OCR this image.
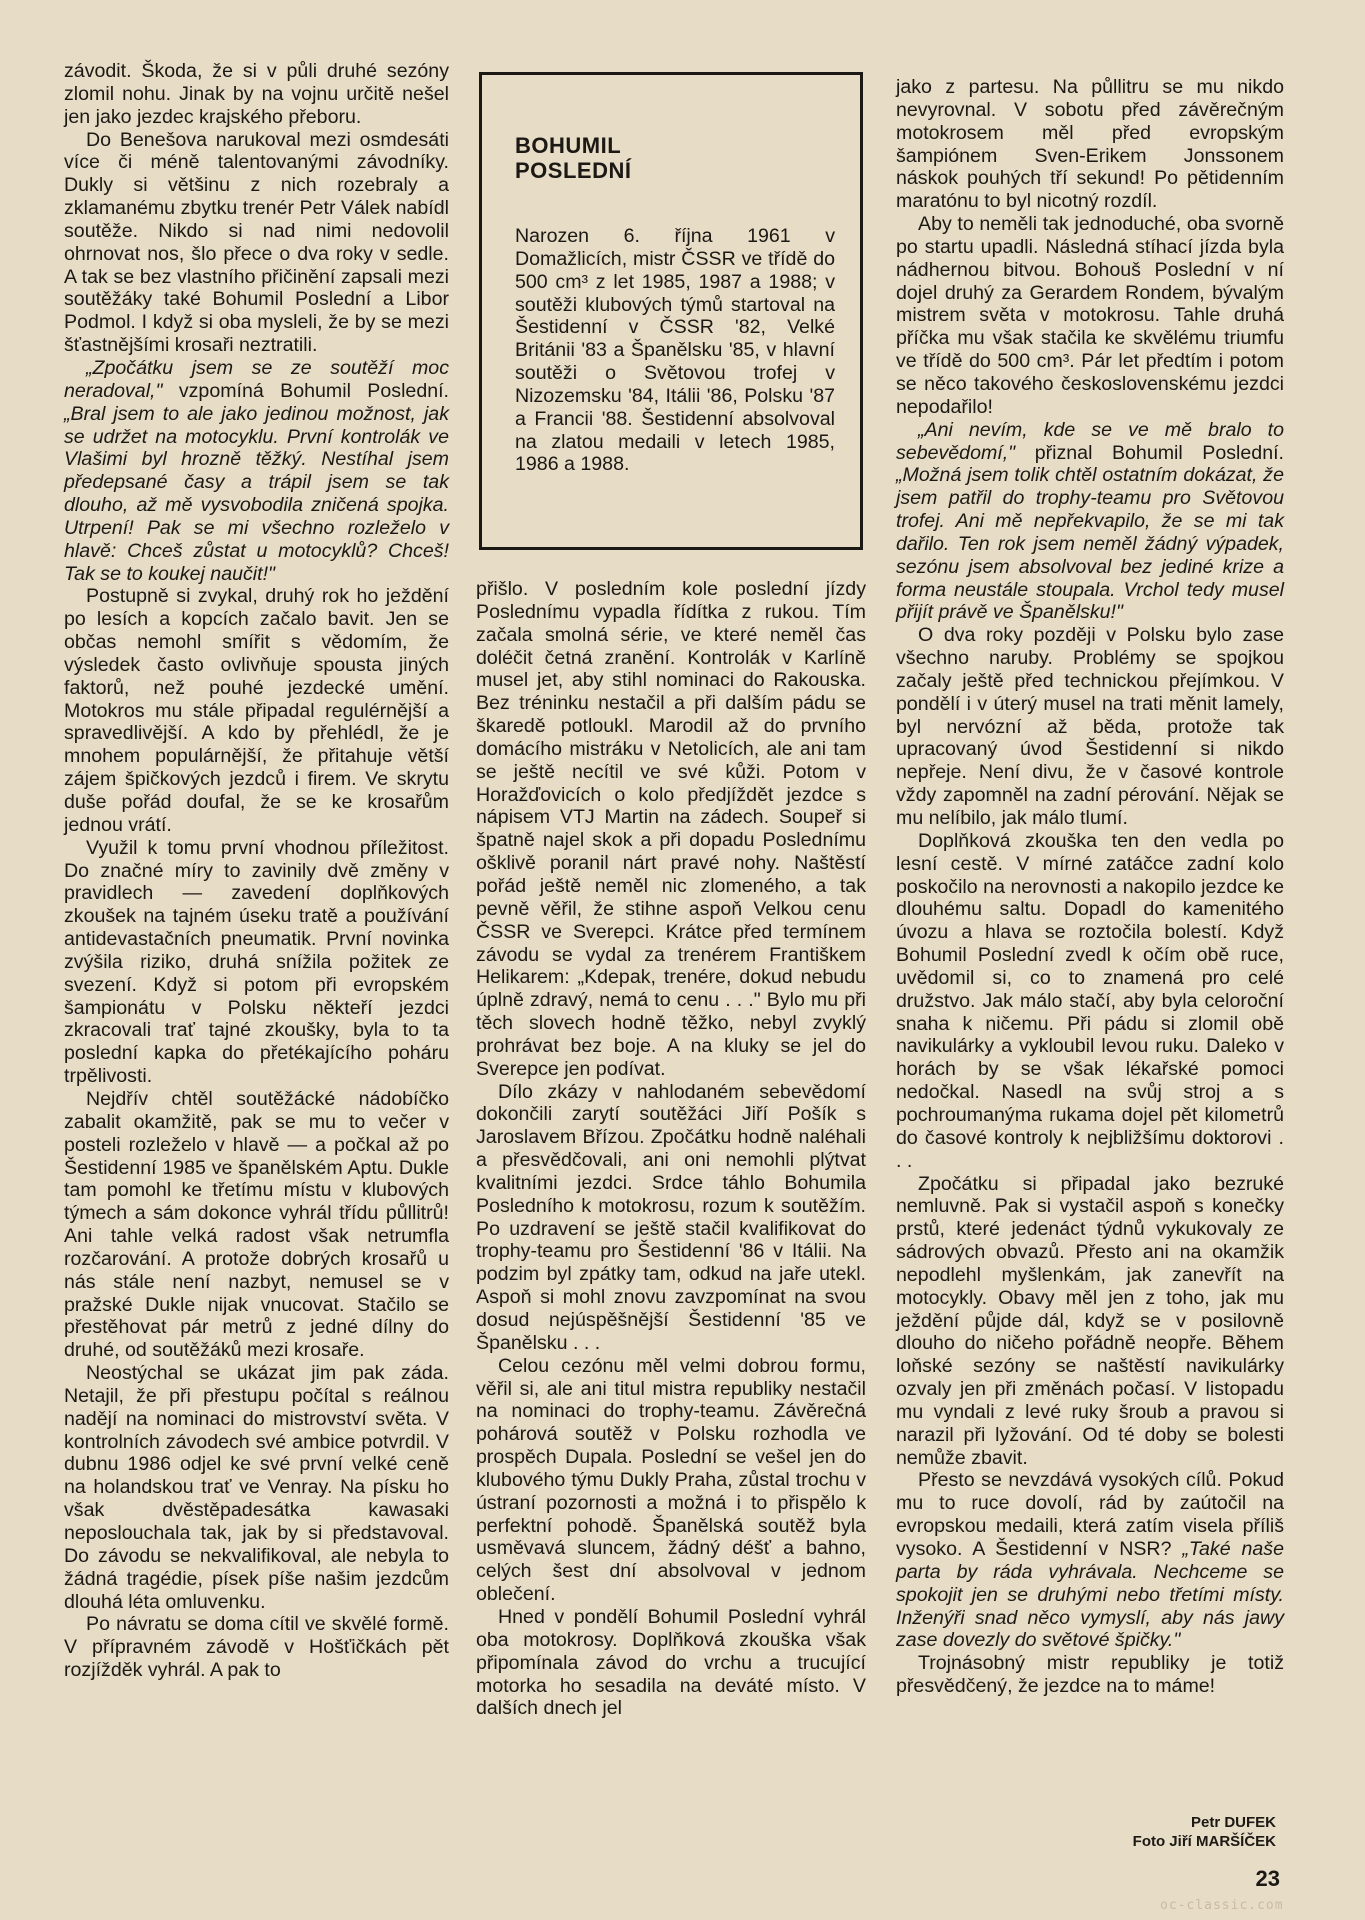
závodit. Škoda, že si v půli druhé sezóny zlomil nohu. Jinak by na vojnu určitě nešel jen jako jezdec krajského přeboru.

Do Benešova narukoval mezi osmdesáti více či méně talentovanými závodníky. Dukly si většinu z nich rozebraly a zklamanému zbytku trenér Petr Válek nabídl soutěže. Nikdo si nad nimi nedovolil ohrnovat nos, šlo přece o dva roky v sedle. A tak se bez vlastního přičinění zapsali mezi soutěžáky také Bohumil Poslední a Libor Podmol. I když si oba mysleli, že by se mezi šťastnějšími krosaři neztratili.

„Zpočátku jsem se ze soutěží moc neradoval," vzpomíná Bohumil Poslední. „Bral jsem to ale jako jedinou možnost, jak se udržet na motocyklu. První kontrolák ve Vlašimi byl hrozně těžký. Nestíhal jsem předepsané časy a trápil jsem se tak dlouho, až mě vysvobodila zničená spojka. Utrpení! Pak se mi všechno rozleželo v hlavě: Chceš zůstat u motocyklů? Chceš! Tak se to koukej naučit!"

Postupně si zvykal, druhý rok ho ježdění po lesích a kopcích začalo bavit. Jen se občas nemohl smířit s vědomím, že výsledek často ovlivňuje spousta jiných faktorů, než pouhé jezdecké umění. Motokros mu stále připadal regulérnější a spravedlivější. A kdo by přehlédl, že je mnohem populárnější, že přitahuje větší zájem špičkových jezdců i firem. Ve skrytu duše pořád doufal, že se ke krosařům jednou vrátí.

Využil k tomu první vhodnou příležitost. Do značné míry to zavinily dvě změny v pravidlech — zavedení doplňkových zkoušek na tajném úseku tratě a používání antidevastačních pneumatik. První novinka zvýšila riziko, druhá snížila požitek ze svezení. Když si potom při evropském šampionátu v Polsku někteří jezdci zkracovali trať tajné zkoušky, byla to ta poslední kapka do přetékajícího poháru trpělivosti.

Nejdřív chtěl soutěžácké nádobíčko zabalit okamžitě, pak se mu to večer v posteli rozleželo v hlavě — a počkal až po Šestidenní 1985 ve španělském Aptu. Dukle tam pomohl ke třetímu místu v klubových týmech a sám dokonce vyhrál třídu půllitrů! Ani tahle velká radost však netrumfla rozčarování. A protože dobrých krosařů u nás stále není nazbyt, nemusel se v pražské Dukle nijak vnucovat. Stačilo se přestěhovat pár metrů z jedné dílny do druhé, od soutěžáků mezi krosaře.

Neostýchal se ukázat jim pak záda. Netajil, že při přestupu počítal s reálnou nadějí na nominaci do mistrovství světa. V kontrolních závodech své ambice potvrdil. V dubnu 1986 odjel ke své první velké ceně na holandskou trať ve Venray. Na písku ho však dvěstěpadesátka kawasaki neposlouchala tak, jak by si představoval. Do závodu se nekvalifikoval, ale nebyla to žádná tragédie, písek píše našim jezdcům dlouhá léta omluvenku.

Po návratu se doma cítil ve skvělé formě. V přípravném závodě v Hošťičkách pět rozjížděk vyhrál. A pak to

BOHUMIL
POSLEDNÍ
Narozen 6. října 1961 v Domažlicích, mistr ČSSR ve třídě do 500 cm³ z let 1985, 1987 a 1988; v soutěži klubových týmů startoval na Šestidenní v ČSSR '82, Velké Británii '83 a Španělsku '85, v hlavní soutěži o Světovou trofej v Nizozemsku '84, Itálii '86, Polsku '87 a Francii '88. Šestidenní absolvoval na zlatou medaili v letech 1985, 1986 a 1988.

přišlo. V posledním kole poslední jízdy Poslednímu vypadla řídítka z rukou. Tím začala smolná série, ve které neměl čas doléčit četná zranění. Kontrolák v Karlíně musel jet, aby stihl nominaci do Rakouska. Bez tréninku nestačil a při dalším pádu se škaredě potloukl. Marodil až do prvního domácího mistráku v Netolicích, ale ani tam se ještě necítil ve své kůži. Potom v Horažďovicích o kolo předjíždět jezdce s nápisem VTJ Martin na zádech. Soupeř si špatně najel skok a při dopadu Poslednímu ošklivě poranil nárt pravé nohy. Naštěstí pořád ještě neměl nic zlomeného, a tak pevně věřil, že stihne aspoň Velkou cenu ČSSR ve Sverepci. Krátce před termínem závodu se vydal za trenérem Františkem Helikarem: „Kdepak, trenére, dokud nebudu úplně zdravý, nemá to cenu . . ." Bylo mu při těch slovech hodně těžko, nebyl zvyklý prohrávat bez boje. A na kluky se jel do Sverepce jen podívat.

Dílo zkázy v nahlodaném sebevědomí dokončili zarytí soutěžáci Jiří Pošík s Jaroslavem Břízou. Zpočátku hodně naléhali a přesvědčovali, ani oni nemohli plýtvat kvalitními jezdci. Srdce táhlo Bohumila Posledního k motokrosu, rozum k soutěžím. Po uzdravení se ještě stačil kvalifikovat do trophy-teamu pro Šestidenní '86 v Itálii. Na podzim byl zpátky tam, odkud na jaře utekl. Aspoň si mohl znovu zavzpomínat na svou dosud nejúspěšnější Šestidenní '85 ve Španělsku . . .

Celou cezónu měl velmi dobrou formu, věřil si, ale ani titul mistra republiky nestačil na nominaci do trophy-teamu. Závěrečná pohárová soutěž v Polsku rozhodla ve prospěch Dupala. Poslední se vešel jen do klubového týmu Dukly Praha, zůstal trochu v ústraní pozornosti a možná i to přispělo k perfektní pohodě. Španělská soutěž byla usměvavá sluncem, žádný déšť a bahno, celých šest dní absolvoval v jednom oblečení.

Hned v pondělí Bohumil Poslední vyhrál oba motokrosy. Doplňková zkouška však připomínala závod do vrchu a trucující motorka ho sesadila na deváté místo. V dalších dnech jel

jako z partesu. Na půllitru se mu nikdo nevyrovnal. V sobotu před závěrečným motokrosem měl před evropským šampiónem Sven-Erikem Jonssonem náskok pouhých tří sekund! Po pětidenním maratónu to byl nicotný rozdíl.

Aby to neměli tak jednoduché, oba svorně po startu upadli. Následná stíhací jízda byla nádhernou bitvou. Bohouš Poslední v ní dojel druhý za Gerardem Rondem, bývalým mistrem světa v motokrosu. Tahle druhá příčka mu však stačila ke skvělému triumfu ve třídě do 500 cm³. Pár let předtím i potom se něco takového československému jezdci nepodařilo!

„Ani nevím, kde se ve mě bralo to sebevědomí," přiznal Bohumil Poslední. „Možná jsem tolik chtěl ostatním dokázat, že jsem patřil do trophy-teamu pro Světovou trofej. Ani mě nepřekvapilo, že se mi tak dařilo. Ten rok jsem neměl žádný výpadek, sezónu jsem absolvoval bez jediné krize a forma neustále stoupala. Vrchol tedy musel přijít právě ve Španělsku!"

O dva roky později v Polsku bylo zase všechno naruby. Problémy se spojkou začaly ještě před technickou přejímkou. V pondělí i v úterý musel na trati měnit lamely, byl nervózní až běda, protože tak upracovaný úvod Šestidenní si nikdo nepřeje. Není divu, že v časové kontrole vždy zapomněl na zadní pérování. Nějak se mu nelíbilo, jak málo tlumí.

Doplňková zkouška ten den vedla po lesní cestě. V mírné zatáčce zadní kolo poskočilo na nerovnosti a nakopilo jezdce ke dlouhému saltu. Dopadl do kamenitého úvozu a hlava se roztočila bolestí. Když Bohumil Poslední zvedl k očím obě ruce, uvědomil si, co to znamená pro celé družstvo. Jak málo stačí, aby byla celoroční snaha k ničemu. Při pádu si zlomil obě navikulárky a vykloubil levou ruku. Daleko v horách by se však lékařské pomoci nedočkal. Nasedl na svůj stroj a s pochroumanýma rukama dojel pět kilometrů do časové kontroly k nejbližšímu doktorovi . . .

Zpočátku si připadal jako bezruké nemluvně. Pak si vystačil aspoň s konečky prstů, které jedenáct týdnů vykukovaly ze sádrových obvazů. Přesto ani na okamžik nepodlehl myšlenkám, jak zanevřít na motocykly. Obavy měl jen z toho, jak mu ježdění půjde dál, když se v posilovně dlouho do ničeho pořádně neopře. Během loňské sezóny se naštěstí navikulárky ozvaly jen při změnách počasí. V listopadu mu vyndali z levé ruky šroub a pravou si narazil při lyžování. Od té doby se bolesti nemůže zbavit.

Přesto se nevzdává vysokých cílů. Pokud mu to ruce dovolí, rád by zaútočil na evropskou medaili, která zatím visela příliš vysoko. A Šestidenní v NSR? „Také naše parta by ráda vyhrávala. Nechceme se spokojit jen se druhými nebo třetími místy. Inženýři snad něco vymyslí, aby nás jawy zase dovezly do světové špičky."

Trojnásobný mistr republiky je totiž přesvědčený, že jezdce na to máme!

Petr DUFEK
Foto Jiří MARŠÍČEK
23
oc-classic.com
